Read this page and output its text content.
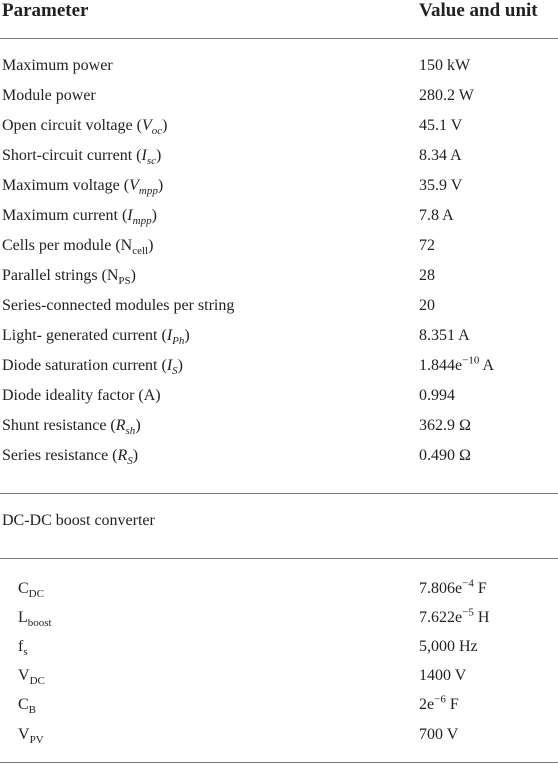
Parameter	Value and unit
Maximum power	150 kW
Module power	280.2 W
Open circuit voltage $(V_{oc})$	45.1 V
Short-circuit current $(I_{sc})$	8.34 A
Maximum voltage $(V_{mpp})$	35.9 V
Maximum current $(I_{mpp})$	7.8 A
Cells per module $(N_{cell})$	72
Parallel strings $(N_{PS})$	28
Series-connected modules per string	20
Light- generated current $(I_{Ph})$	8.351 A
Diode saturation current $(I_S)$	$1.844e^{-10}$ A
Diode ideality factor (A)	0.994
Shunt resistance $(R_{sh})$	362.9 Ω
Series resistance $(R_S)$	0.490 Ω
DC-DC boost converter
$C_{DC}$	$7.806e^{-4}$ F
$L_{boost}$	$7.622e^{-5}$ H
$f_s$	5,000 Hz
$V_{DC}$	1400 V
$C_B$	$2e^{-6}$ F
$V_{PV}$	700 V
